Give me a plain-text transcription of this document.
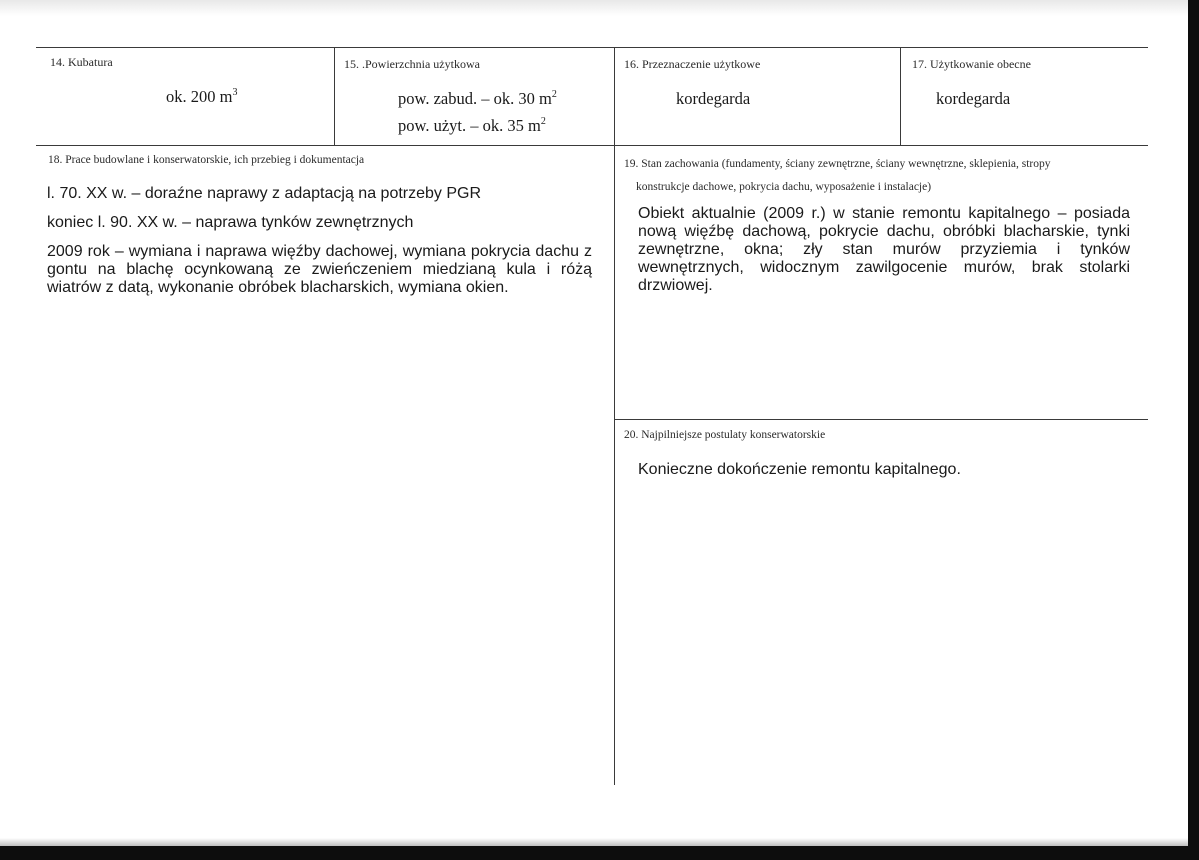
14. Kubatura
ok. 200 $m^3$
15. .Powierzchnia użytkowa
pow. zabud. – ok. 30 $m^2$
pow. użyt. – ok. 35 $m^2$
16. Przeznaczenie użytkowe
kordegarda
17. Użytkowanie obecne
kordegarda
18. Prace budowlane i konserwatorskie, ich przebieg i dokumentacja

l. 70. XX w. – doraźne naprawy z adaptacją na potrzeby PGR

koniec l. 90. XX w. – naprawa tynków zewnętrznych

2009 rok – wymiana i naprawa więźby dachowej, wymiana pokrycia dachu z gontu na blachę ocynkowaną ze zwieńczeniem miedzianą kula i różą wiatrów z datą, wykonanie obróbek blacharskich, wymiana okien.

19. Stan zachowania (fundamenty, ściany zewnętrzne, ściany wewnętrzne, sklepienia, stropy
konstrukcje dachowe, pokrycia dachu, wyposażenie i instalacje)

Obiekt aktualnie (2009 r.) w stanie remontu kapitalnego – posiada nową więźbę dachową, pokrycie dachu, obróbki blacharskie, tynki zewnętrzne, okna; zły stan murów przyziemia i tynków wewnętrznych, widocznym zawilgocenie murów, brak stolarki drzwiowej.

20. Najpilniejsze postulaty konserwatorskie
Konieczne dokończenie remontu kapitalnego.
